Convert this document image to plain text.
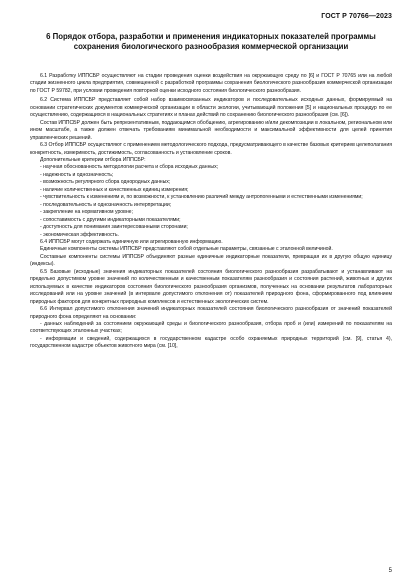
ГОСТ Р 70766—2023
6 Порядок отбора, разработки и применения индикаторных показателей программы сохранения биологического разнообразия коммерческой организации

6.1 Разработку ИППСБР осуществляют на стадии проведения оценки воздействия на окружающую среду по [6] и ГОСТ Р 70765 или на любой стадии жизненного цикла предприятия, совмещенной с разработкой программы сохранения биологического разнообразия коммерческой организации по ГОСТ Р 59782, при условии проведения повторной оценки исходного состояния биологического разнообразия.

6.2 Система ИППСБР представляет собой набор взаимосвязанных индикаторов и последовательных исходных данных, формируемый на основании стратегических документов коммерческой организации в области экологии, учитывающий положения [5] и национальных процедур по ее осуществлению, содержащихся в национальных стратегиях и планах действий по сохранению биологического разнообразия (см. [6]).

Состав ИППСБР должен быть репрезентативным, поддающимся обобщению, агрегированию и/или декомпозиции в локальном, региональном или ином масштабе, а также должен отвечать требованиям минимальной необходимости и максимальной эффективности для целей принятия управленческих решений.

6.3 Отбор ИППСБР осуществляют с применением методологического подхода, предусматривающего в качестве базовых критериев целеполагания конкретность, измеримость, достижимость, согласованность и установление сроков.

Дополнительные критерии отбора ИППСБР:

- научная обоснованность методологии расчета и сбора исходных данных;

- надежность и однозначность;

- возможность регулярного сбора однородных данных;

- наличие количественных и качественных единиц измерения;

- чувствительность к изменениям и, по возможности, к установлению различий между антропогенными и естественными изменениями;

- последовательность и однозначность интерпретации;

- закрепление на нормативном уровне;

- сопоставимость с другими индикаторными показателями;

- доступность для понимания заинтересованными сторонами;

- экономическая эффективность.

6.4 ИППСБР могут содержать единичную или агрегированную информацию.

Единичные компоненты системы ИППСБР представляют собой отдельные параметры, связанные с эталонной величиной.

Составные компоненты системы ИППСБР объединяют разные единичные индикаторные показатели, превращая их в другую общую единицу (индексы).

6.5 Базовые (исходные) значения индикаторных показателей состояния биологического разнообразия разрабатывают и устанавливают на предельно допустимом уровне значений по количественным и качественным показателям разнообразия и состояния растений, животных и других используемых в качестве индикаторов состояния биологического разнообразия организмов, полученных на основании результатов лабораторных исследований или на уровне значений (в интервале допустимого отклонения от) показателей природного фона, сформированного под влиянием природных факторов для конкретных природных комплексов и естественных экологических систем.

6.6 Интервал допустимого отклонения значений индикаторных показателей состояния биологического разнообразия от значений показателей природного фона определяют на основании:

- данных наблюдений за состоянием окружающей среды и биологического разнообразия, отбора проб и (или) измерений по показателям на соответствующих эталонных участках;

- информации и сведений, содержащихся в государственном кадастре особо охраняемых природных территорий (см. [9], статья 4), государственном кадастре объектов животного мира (см. [10],

5
